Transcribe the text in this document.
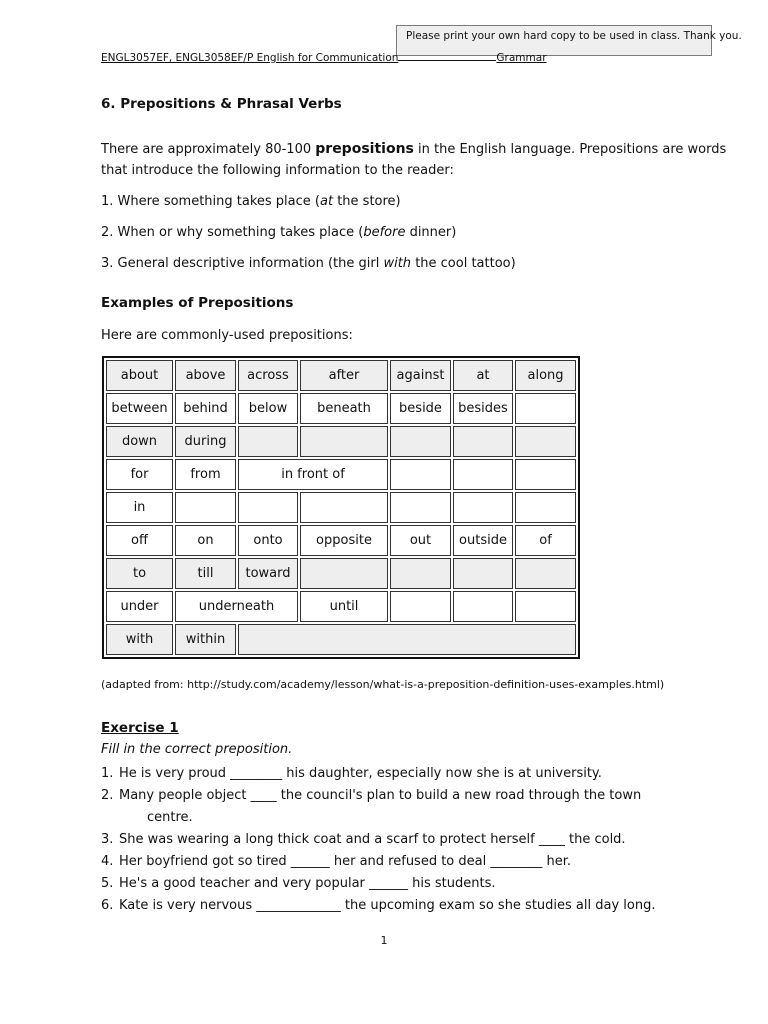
Please print your own hard copy to be used in class. Thank you.
ENGL3057EF, ENGL3058EF/P English for Communication	Grammar
6. Prepositions & Phrasal Verbs
There are approximately 80-100 prepositions in the English language. Prepositions are words
that introduce the following information to the reader:
1. Where something takes place (at the store)
2. When or why something takes place (before dinner)
3. General descriptive information (the girl with the cool tattoo)
Examples of Prepositions
Here are commonly-used prepositions:
about	above	across	after	against	at	along
between	behind	below	beneath	beside	besides	
down	during					
for	from	in front of				
in						
off	on	onto	opposite	out	outside	of
to	till	toward				
under	underneath		until			
with	within					
(adapted from: http://study.com/academy/lesson/what-is-a-preposition-definition-uses-examples.html)
Exercise 1
Fill in the correct preposition.
1. He is very proud ________ his daughter, especially now she is at university.
2. Many people object ____ the council's plan to build a new road through the town
centre.
3. She was wearing a long thick coat and a scarf to protect herself ____ the cold.
4. Her boyfriend got so tired ______ her and refused to deal ________ her.
5. He's a good teacher and very popular ______ his students.
6. Kate is very nervous _____________ the upcoming exam so she studies all day long.
1
